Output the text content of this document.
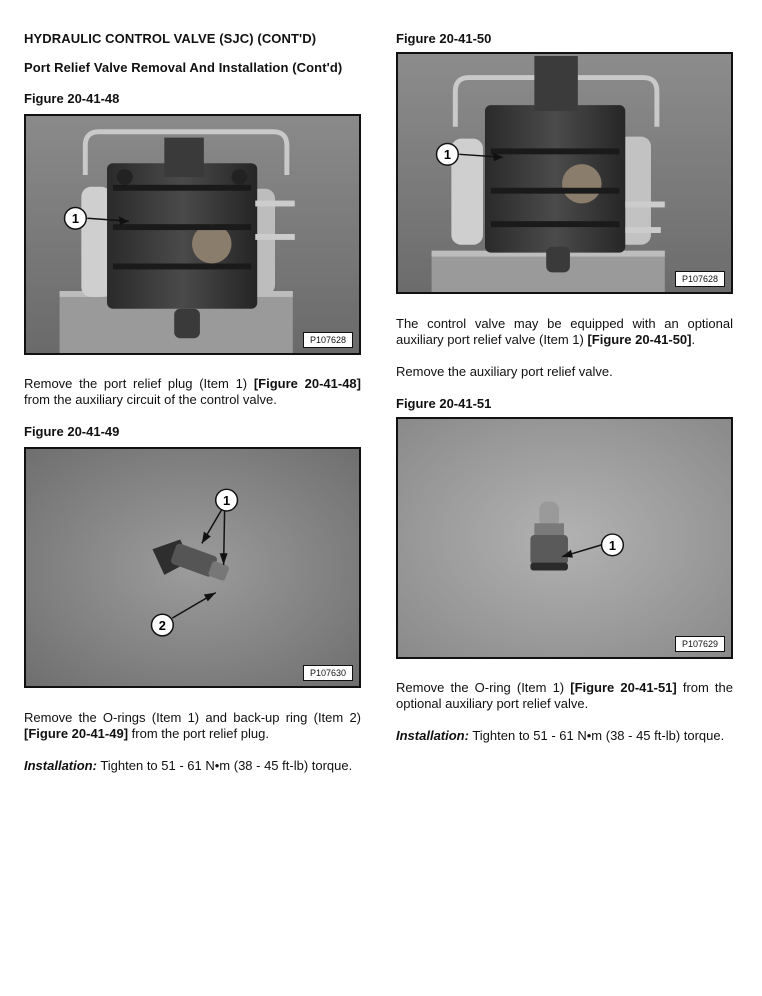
HYDRAULIC CONTROL VALVE (SJC) (CONT'D)
Port Relief Valve Removal And Installation (Cont'd)
Figure 20-41-48
1
P107628
Remove the port relief plug (Item 1) [Figure 20-41-48] from the auxiliary circuit of the control valve.
Figure 20-41-49
1
2
P107630
Remove the O-rings (Item 1) and back-up ring (Item 2) [Figure 20-41-49] from the port relief plug.
Installation: Tighten to 51 - 61 N•m (38 - 45 ft-lb) torque.
Figure 20-41-50
1
P107628
The control valve may be equipped with an optional auxiliary port relief valve (Item 1) [Figure 20-41-50].
Remove the auxiliary port relief valve.
Figure 20-41-51
1
P107629
Remove the O-ring (Item 1) [Figure 20-41-51] from the optional auxiliary port relief valve.
Installation: Tighten to 51 - 61 N•m (38 - 45 ft-lb) torque.
